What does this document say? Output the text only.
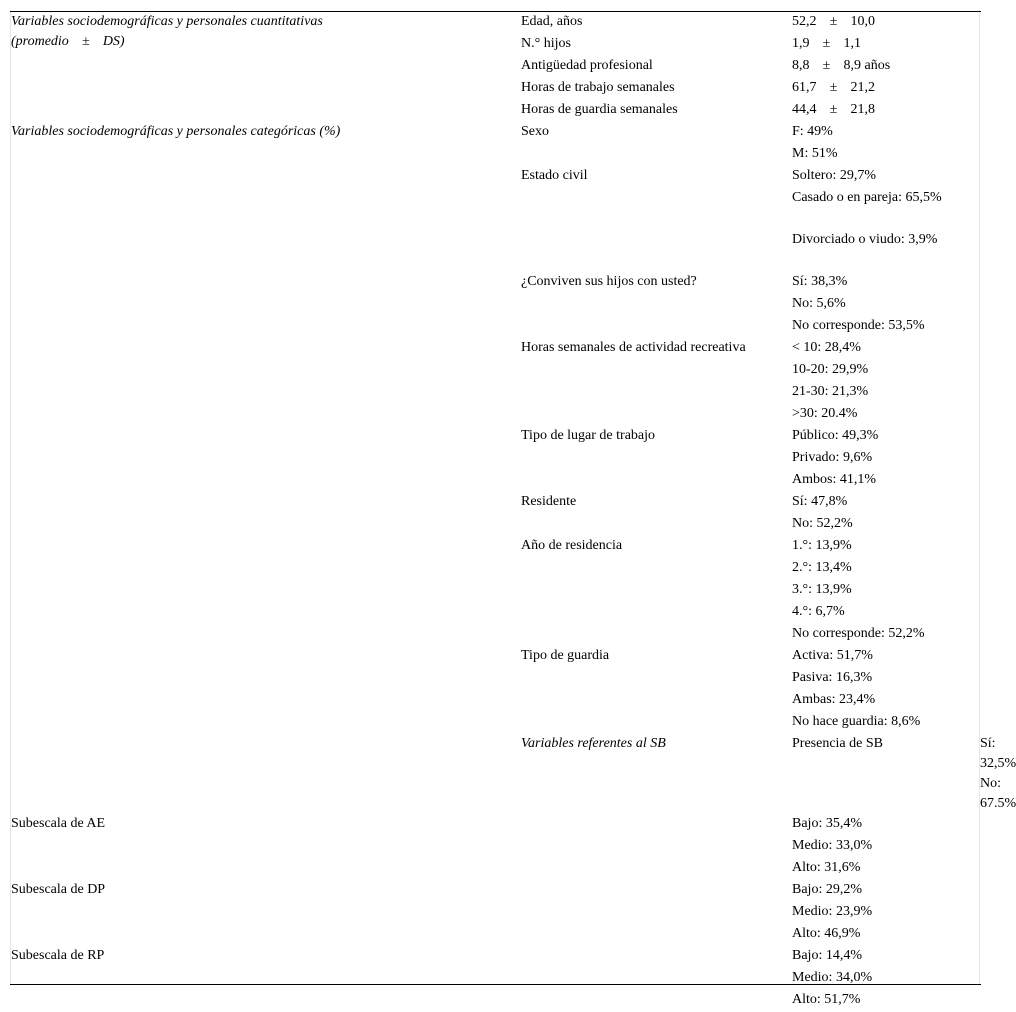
Variables sociodemográficas y personales cuantitativas
(promedio ± DS)	Edad, años	52,2 ± 10,0	
	N.° hijos	1,9 ± 1,1	
	Antigüedad profesional	8,8 ± 8,9 años	
	Horas de trabajo semanales	61,7 ± 21,2	
	Horas de guardia semanales	44,4 ± 21,8	
Variables sociodemográficas y personales categóricas (%)	Sexo	F: 49%	
		M: 51%	
	Estado civil	Soltero: 29,7%	
		Casado o en pareja: 65,5%	
		Divorciado o viudo: 3,9%	
	¿Conviven sus hijos con usted?	Sí: 38,3%	
		No: 5,6%	
		No corresponde: 53,5%	
	Horas semanales de actividad recreativa	< 10: 28,4%	
		10-20: 29,9%	
		21-30: 21,3%	
		>30: 20.4%	
	Tipo de lugar de trabajo	Público: 49,3%	
		Privado: 9,6%	
		Ambos: 41,1%	
	Residente	Sí: 47,8%	
		No: 52,2%	
	Año de residencia	1.°: 13,9%	
		2.°: 13,4%	
		3.°: 13,9%	
		4.°: 6,7%	
		No corresponde: 52,2%	
	Tipo de guardia	Activa: 51,7%	
		Pasiva: 16,3%	
		Ambas: 23,4%	
		No hace guardia: 8,6%	
	Variables referentes al SB	Presencia de SB	Sí: 32,5%
			No: 67.5%
Subescala de AE		Bajo: 35,4%	
		Medio: 33,0%	
		Alto: 31,6%	
Subescala de DP		Bajo: 29,2%	
		Medio: 23,9%	
		Alto: 46,9%	
Subescala de RP		Bajo: 14,4%	
		Medio: 34,0%	
		Alto: 51,7%	
